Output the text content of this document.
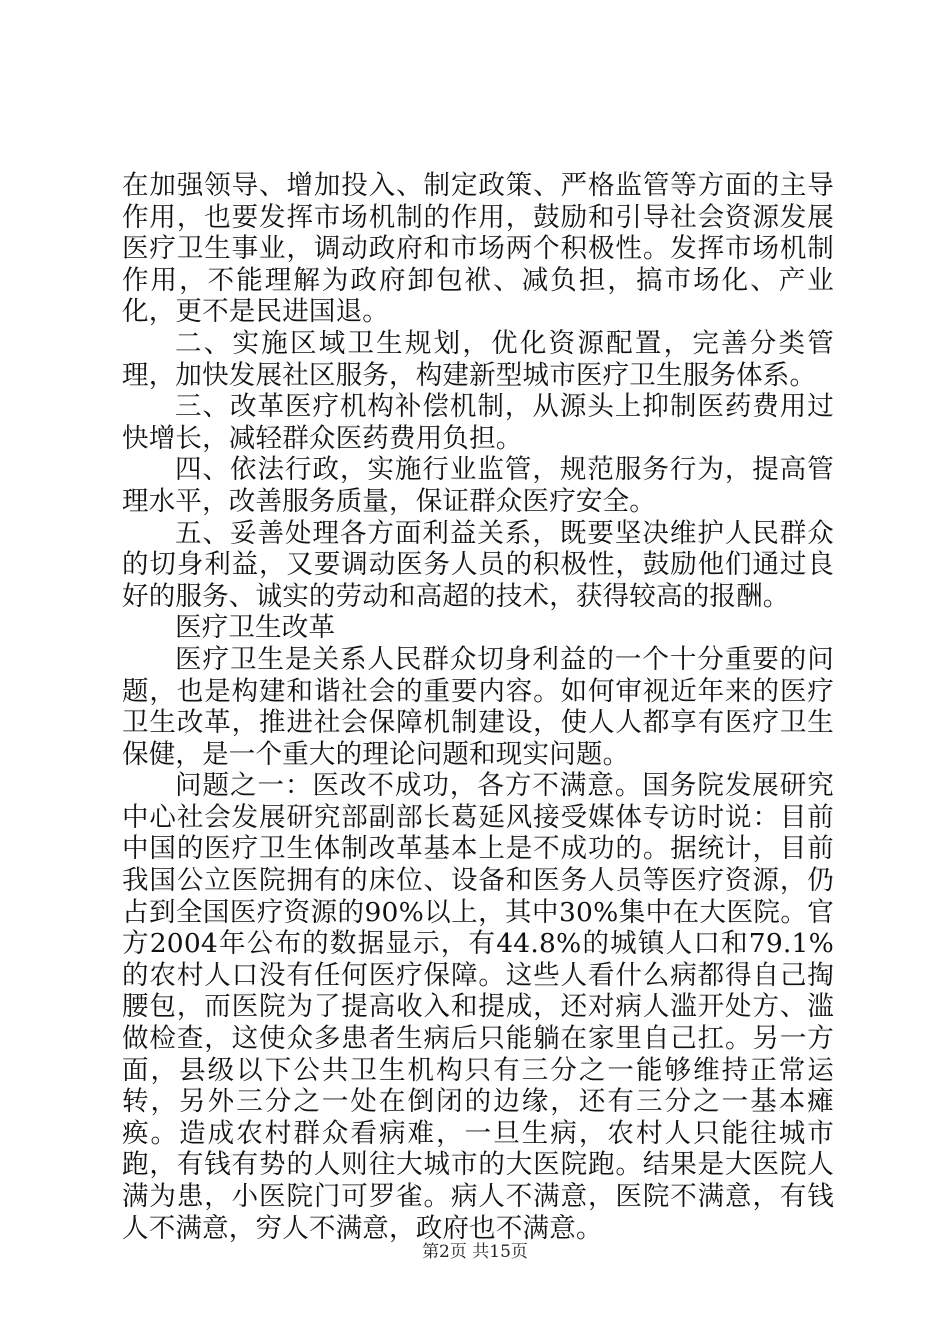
在加强领导、增加投入、制定政策、严格监管等方面的主导作用，也要发挥市场机制的作用，鼓励和引导社会资源发展医疗卫生事业，调动政府和市场两个积极性。发挥市场机制作用，不能理解为政府卸包袱、减负担，搞市场化、产业化，更不是民进国退。

二、实施区域卫生规划，优化资源配置，完善分类管理，加快发展社区服务，构建新型城市医疗卫生服务体系。

三、改革医疗机构补偿机制，从源头上抑制医药费用过快增长，减轻群众医药费用负担。

四、依法行政，实施行业监管，规范服务行为，提高管理水平，改善服务质量，保证群众医疗安全。

五、妥善处理各方面利益关系，既要坚决维护人民群众的切身利益，又要调动医务人员的积极性，鼓励他们通过良好的服务、诚实的劳动和高超的技术，获得较高的报酬。

医疗卫生改革

医疗卫生是关系人民群众切身利益的一个十分重要的问题，也是构建和谐社会的重要内容。如何审视近年来的医疗卫生改革，推进社会保障机制建设，使人人都享有医疗卫生保健，是一个重大的理论问题和现实问题。

问题之一：医改不成功，各方不满意。国务院发展研究中心社会发展研究部副部长葛延风接受媒体专访时说：目前中国的医疗卫生体制改革基本上是不成功的。据统计，目前我国公立医院拥有的床位、设备和医务人员等医疗资源，仍占到全国医疗资源的90%以上，其中30%集中在大医院。官方2004年公布的数据显示，有44.8%的城镇人口和79.1%的农村人口没有任何医疗保障。这些人看什么病都得自己掏腰包，而医院为了提高收入和提成，还对病人滥开处方、滥做检查，这使众多患者生病后只能躺在家里自己扛。另一方面，县级以下公共卫生机构只有三分之一能够维持正常运转，另外三分之一处在倒闭的边缘，还有三分之一基本瘫痪。造成农村群众看病难，一旦生病，农村人只能往城市跑，有钱有势的人则往大城市的大医院跑。结果是大医院人满为患，小医院门可罗雀。病人不满意，医院不满意，有钱人不满意，穷人不满意，政府也不满意。

第2页 共15页
